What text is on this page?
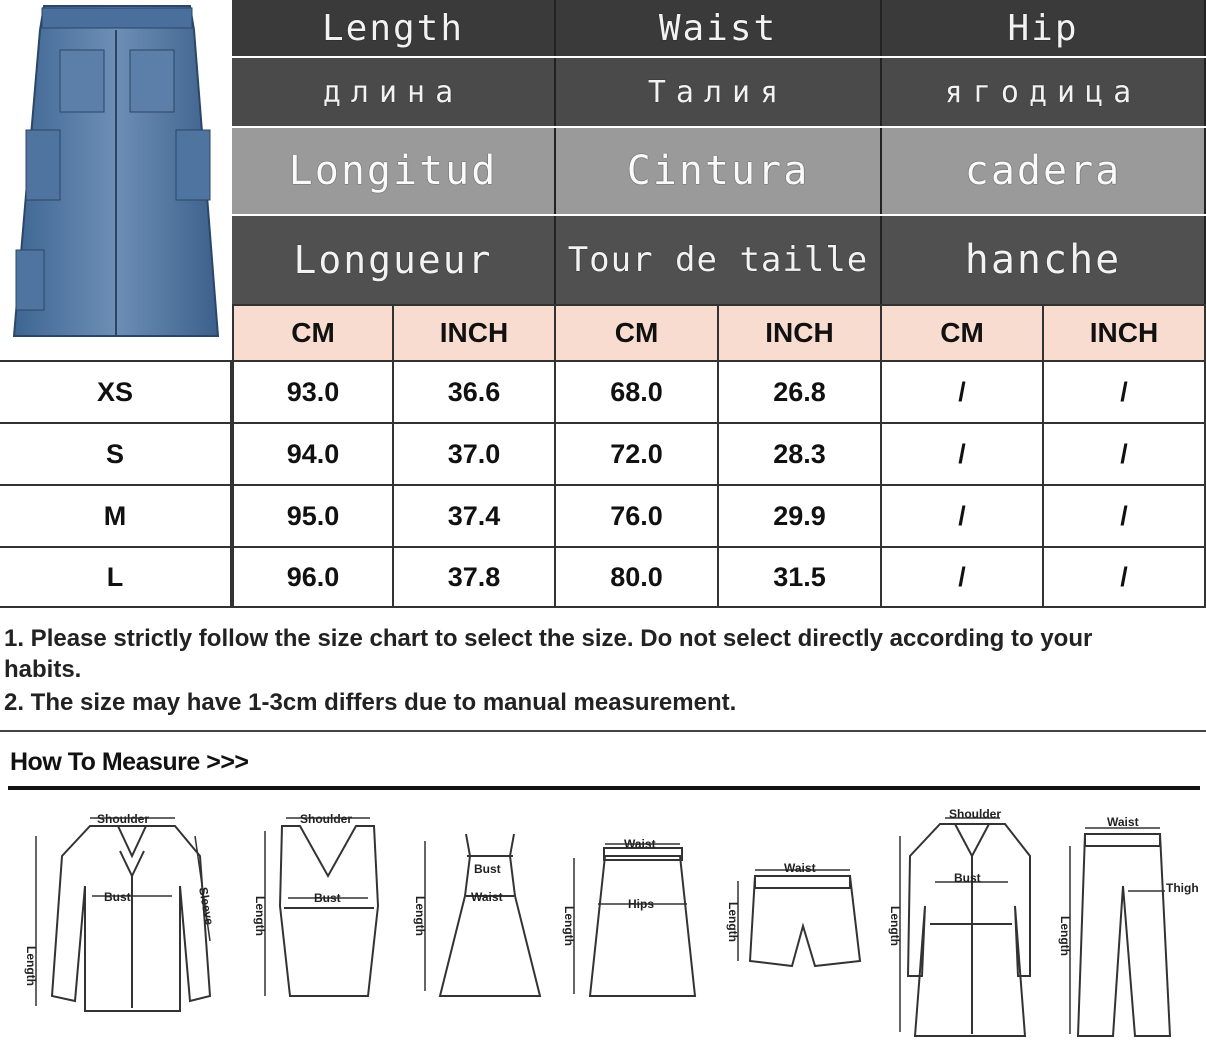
Length	Waist	Hip
длина	Талия	ягодица
Longitud	Cintura	cadera
Longueur	Tour de taille	hanche
CM	INCH	CM	INCH	CM	INCH
XS	93.0	36.6	68.0	26.8	/	/
S	94.0	37.0	72.0	28.3	/	/
M	95.0	37.4	76.0	29.9	/	/
L	96.0	37.8	80.0	31.5	/	/
1. Please strictly follow the size chart to select the size. Do not select directly according to your
habits.
2. The size may have 1-3cm differs due to manual measurement.
How To Measure >>>
Shoulder
Bust
Length
Sleeve
Shoulder
Bust
Length
Bust
Waist
Length
Waist
Hips
Length
Waist
Length
Shoulder
Bust
Length
Waist
Thigh
Length
